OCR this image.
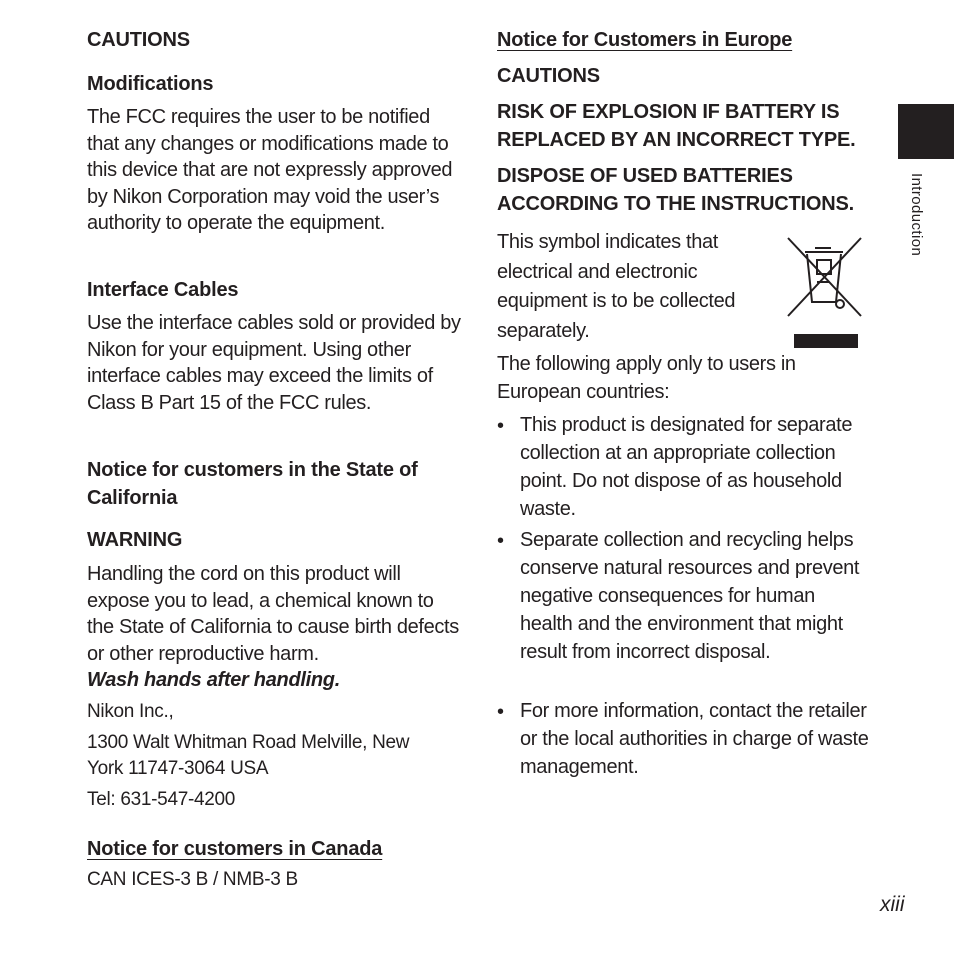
CAUTIONS
Modifications

The FCC requires the user to be notified that any changes or modifications made to this device that are not expressly approved by Nikon Corporation may void the user’s authority to operate the equipment.

Interface Cables

Use the interface cables sold or provided by Nikon for your equipment. Using other interface cables may exceed the limits of Class B Part 15 of the FCC rules.

Notice for customers in the State of California
WARNING

Handling the cord on this product will expose you to lead, a chemical known to the State of California to cause birth defects or other reproductive harm.

Wash hands after handling.
Nikon Inc.,

1300 Walt Whitman Road Melville, New York 11747-3064 USA

Tel: 631-547-4200
Notice for customers in Canada
CAN ICES-3 B / NMB-3 B
Notice for Customers in Europe
CAUTIONS

RISK OF EXPLOSION IF BATTERY IS REPLACED BY AN INCORRECT TYPE.

DISPOSE OF USED BATTERIES ACCORDING TO THE INSTRUCTIONS.

This symbol indicates that electrical and electronic equipment is to be collected separately.

The following apply only to users in European countries:

• This product is designated for separate collection at an appropriate collection point. Do not dispose of as household waste.

• Separate collection and recycling helps conserve natural resources and prevent negative consequences for human health and the environment that might result from incorrect disposal.

• For more information, contact the retailer or the local authorities in charge of waste management.

Introduction
xiii
